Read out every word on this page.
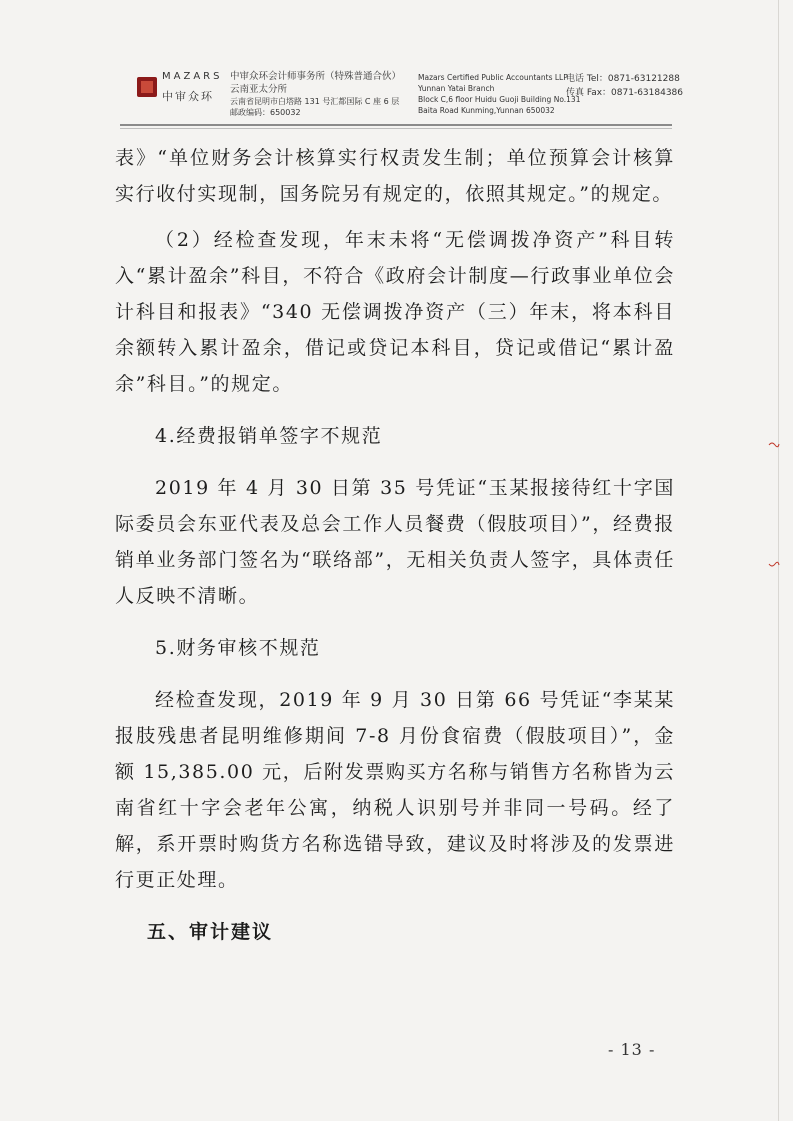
MAZARS
中审众环
中审众环会计师事务所（特殊普通合伙）
云南亚太分所
云南省昆明市白塔路 131 号汇都国际 C 座 6 层
邮政编码：650032
Mazars Certified Public Accountants LLP
Yunnan Yatai Branch
Block C,6 floor Huidu Guoji Building No.131
Baita Road Kunming,Yunnan 650032
电话 Tel：0871-63121288
传真 Fax：0871-63184386

表》“单位财务会计核算实行权责发生制；单位预算会计核算实行收付实现制，国务院另有规定的，依照其规定。”的规定。

（2）经检查发现，年末未将“无偿调拨净资产”科目转入“累计盈余”科目，不符合《政府会计制度—行政事业单位会计科目和报表》“340 无偿调拨净资产（三）年末，将本科目余额转入累计盈余，借记或贷记本科目，贷记或借记“累计盈余”科目。”的规定。

4.经费报销单签字不规范

2019 年 4 月 30 日第 35 号凭证“玉某报接待红十字国际委员会东亚代表及总会工作人员餐费（假肢项目）”，经费报销单业务部门签名为“联络部”，无相关负责人签字，具体责任人反映不清晰。

5.财务审核不规范

经检查发现，2019 年 9 月 30 日第 66 号凭证“李某某报肢残患者昆明维修期间 7-8 月份食宿费（假肢项目）”，金额 15,385.00 元，后附发票购买方名称与销售方名称皆为云南省红十字会老年公寓，纳税人识别号并非同一号码。经了解，系开票时购货方名称选错导致，建议及时将涉及的发票进行更正处理。

五、审计建议

- 13 -
